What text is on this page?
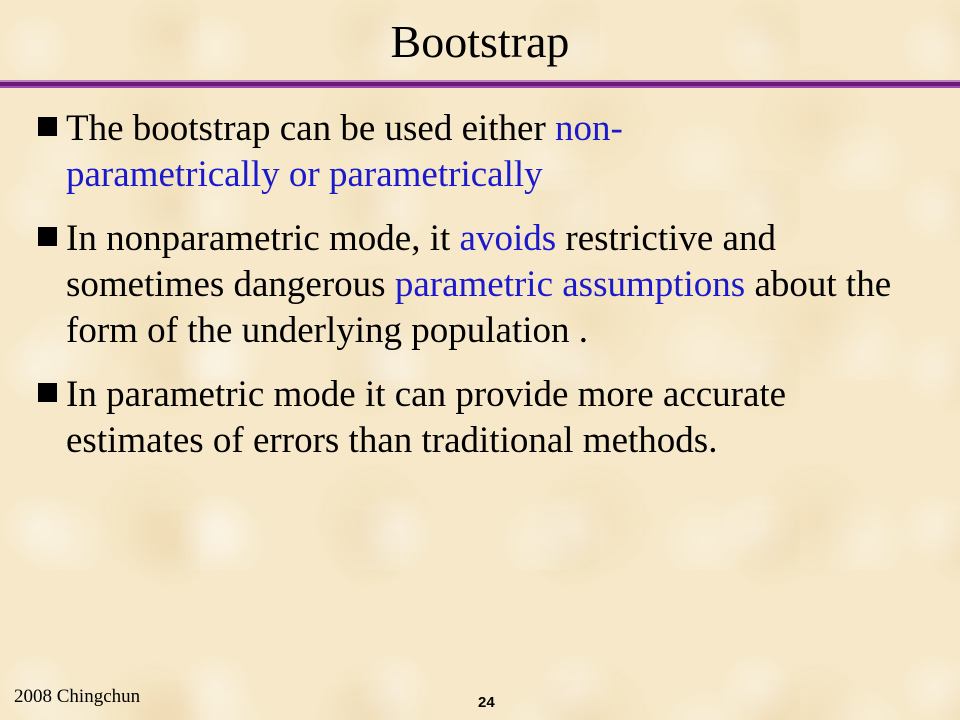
Bootstrap
The bootstrap can be used either non-
parametrically or parametrically
In nonparametric mode, it avoids restrictive and sometimes dangerous parametric assumptions about the form of the underlying population .
In parametric mode it can provide more accurate estimates of errors than traditional methods.
2008 Chingchun	24
